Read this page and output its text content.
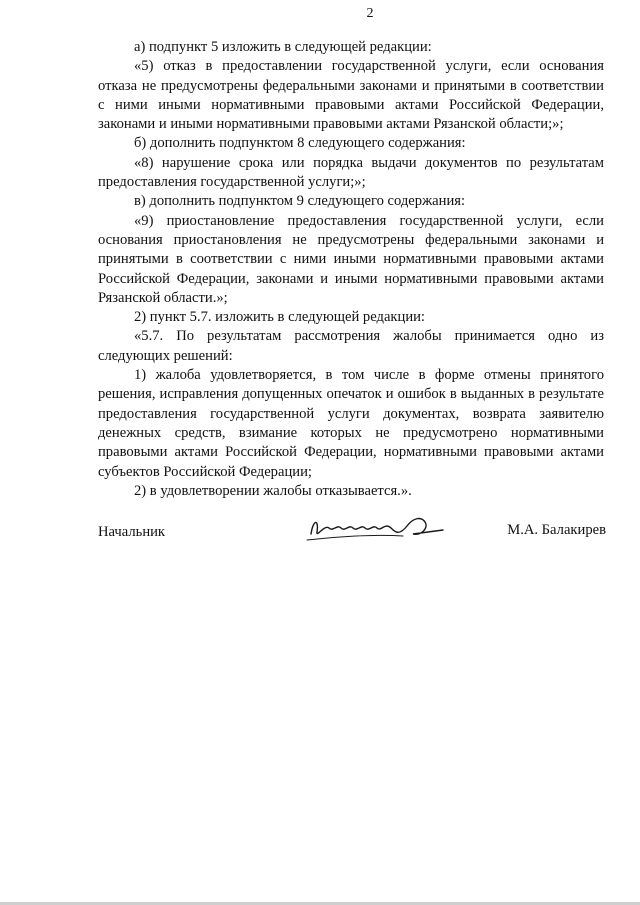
2

а) подпункт 5 изложить в следующей редакции:

«5) отказ в предоставлении государственной услуги, если основания отказа не предусмотрены федеральными законами и принятыми в соответствии с ними иными нормативными правовыми актами Российской Федерации, законами и иными нормативными правовыми актами Рязанской области;»;

б) дополнить подпунктом 8 следующего содержания:

«8) нарушение срока или порядка выдачи документов по результатам предоставления государственной услуги;»;

в) дополнить подпунктом 9 следующего содержания:

«9) приостановление предоставления государственной услуги, если основания приостановления не предусмотрены федеральными законами и принятыми в соответствии с ними иными нормативными правовыми актами Российской Федерации, законами и иными нормативными правовыми актами Рязанской области.»;

2) пункт 5.7. изложить в следующей редакции:

«5.7. По результатам рассмотрения жалобы принимается одно из следующих решений:

1) жалоба удовлетворяется, в том числе в форме отмены принятого решения, исправления допущенных опечаток и ошибок в выданных в результате предоставления государственной услуги документах, возврата заявителю денежных средств, взимание которых не предусмотрено нормативными правовыми актами Российской Федерации, нормативными правовыми актами субъектов Российской Федерации;

2) в удовлетворении жалобы отказывается.».

Начальник	М.А. Балакирев
